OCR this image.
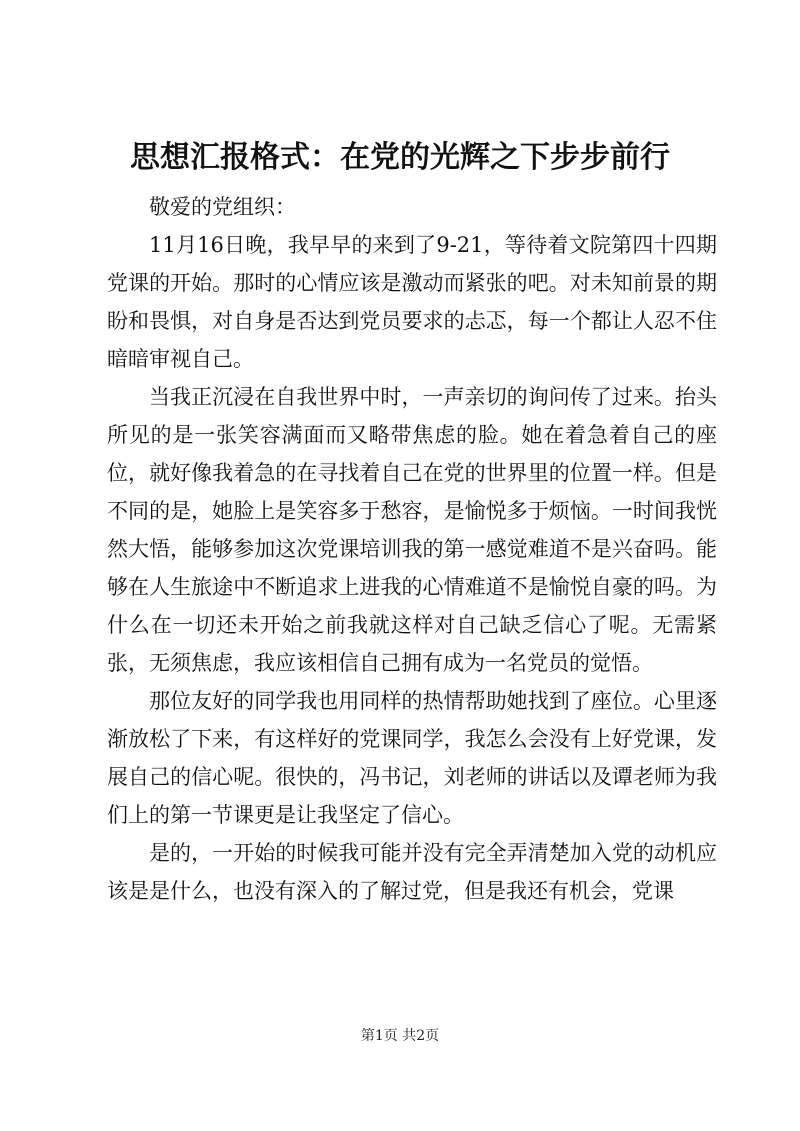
思想汇报格式：在党的光辉之下步步前行

敬爱的党组织：

11月16日晚，我早早的来到了9-21，等待着文院第四十四期党课的开始。那时的心情应该是激动而紧张的吧。对未知前景的期盼和畏惧，对自身是否达到党员要求的忐忑，每一个都让人忍不住暗暗审视自己。

当我正沉浸在自我世界中时，一声亲切的询问传了过来。抬头所见的是一张笑容满面而又略带焦虑的脸。她在着急着自己的座位，就好像我着急的在寻找着自己在党的世界里的位置一样。但是不同的是，她脸上是笑容多于愁容，是愉悦多于烦恼。一时间我恍然大悟，能够参加这次党课培训我的第一感觉难道不是兴奋吗。能够在人生旅途中不断追求上进我的心情难道不是愉悦自豪的吗。为什么在一切还未开始之前我就这样对自己缺乏信心了呢。无需紧张，无须焦虑，我应该相信自己拥有成为一名党员的觉悟。

那位友好的同学我也用同样的热情帮助她找到了座位。心里逐渐放松了下来，有这样好的党课同学，我怎么会没有上好党课，发展自己的信心呢。很快的，冯书记，刘老师的讲话以及谭老师为我们上的第一节课更是让我坚定了信心。

是的，一开始的时候我可能并没有完全弄清楚加入党的动机应该是是什么，也没有深入的了解过党，但是我还有机会，党课

第1页 共2页
